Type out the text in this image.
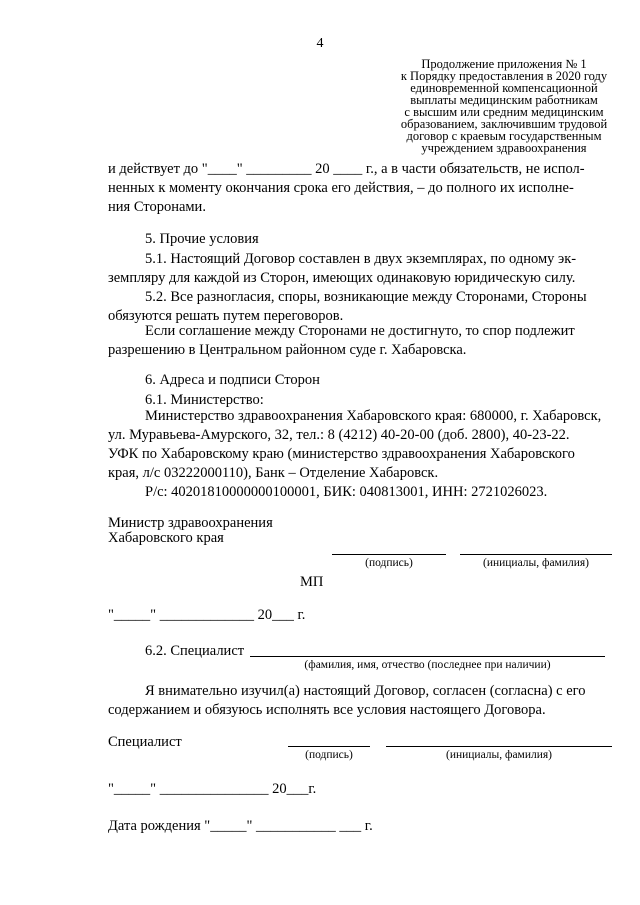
4
Продолжение приложения № 1
к Порядку предоставления в 2020 году
единовременной компенсационной
выплаты медицинским работникам
с высшим или средним медицинским
образованием, заключившим трудовой
договор с краевым государственным
учреждением здравоохранения
и действует до "____" _________ 20 ____ г., а в части обязательств, не испол-
ненных к моменту окончания срока его действия, – до полного их исполне-
ния Сторонами.
5. Прочие условия
5.1. Настоящий Договор составлен в двух экземплярах, по одному эк-
земпляру для каждой из Сторон, имеющих одинаковую юридическую силу.
5.2. Все разногласия, споры, возникающие между Сторонами, Стороны
обязуются решать путем переговоров.
Если соглашение между Сторонами не достигнуто, то спор подлежит
разрешению в Центральном районном суде г. Хабаровска.
6. Адреса и подписи Сторон
6.1. Министерство:
Министерство здравоохранения Хабаровского края: 680000, г. Хабаровск,
ул. Муравьева-Амурского, 32, тел.: 8 (4212) 40-20-00 (доб. 2800), 40-23-22.
УФК по Хабаровскому краю (министерство здравоохранения Хабаровского
края, л/с 03222000110), Банк – Отделение Хабаровск.
Р/с: 40201810000000100001, БИК: 040813001, ИНН: 2721026023.
Министр здравоохранения
Хабаровского края
(подпись)	(инициалы, фамилия)
МП
"_____" _____________ 20___ г.
6.2. Специалист
(фамилия, имя, отчество (последнее при наличии)
Я внимательно изучил(а) настоящий Договор, согласен (согласна) с его
содержанием и обязуюсь исполнять все условия настоящего Договора.
Специалист
(подпись)	(инициалы, фамилия)
"_____" _______________ 20___г.
Дата рождения "_____" ___________ ___ г.
